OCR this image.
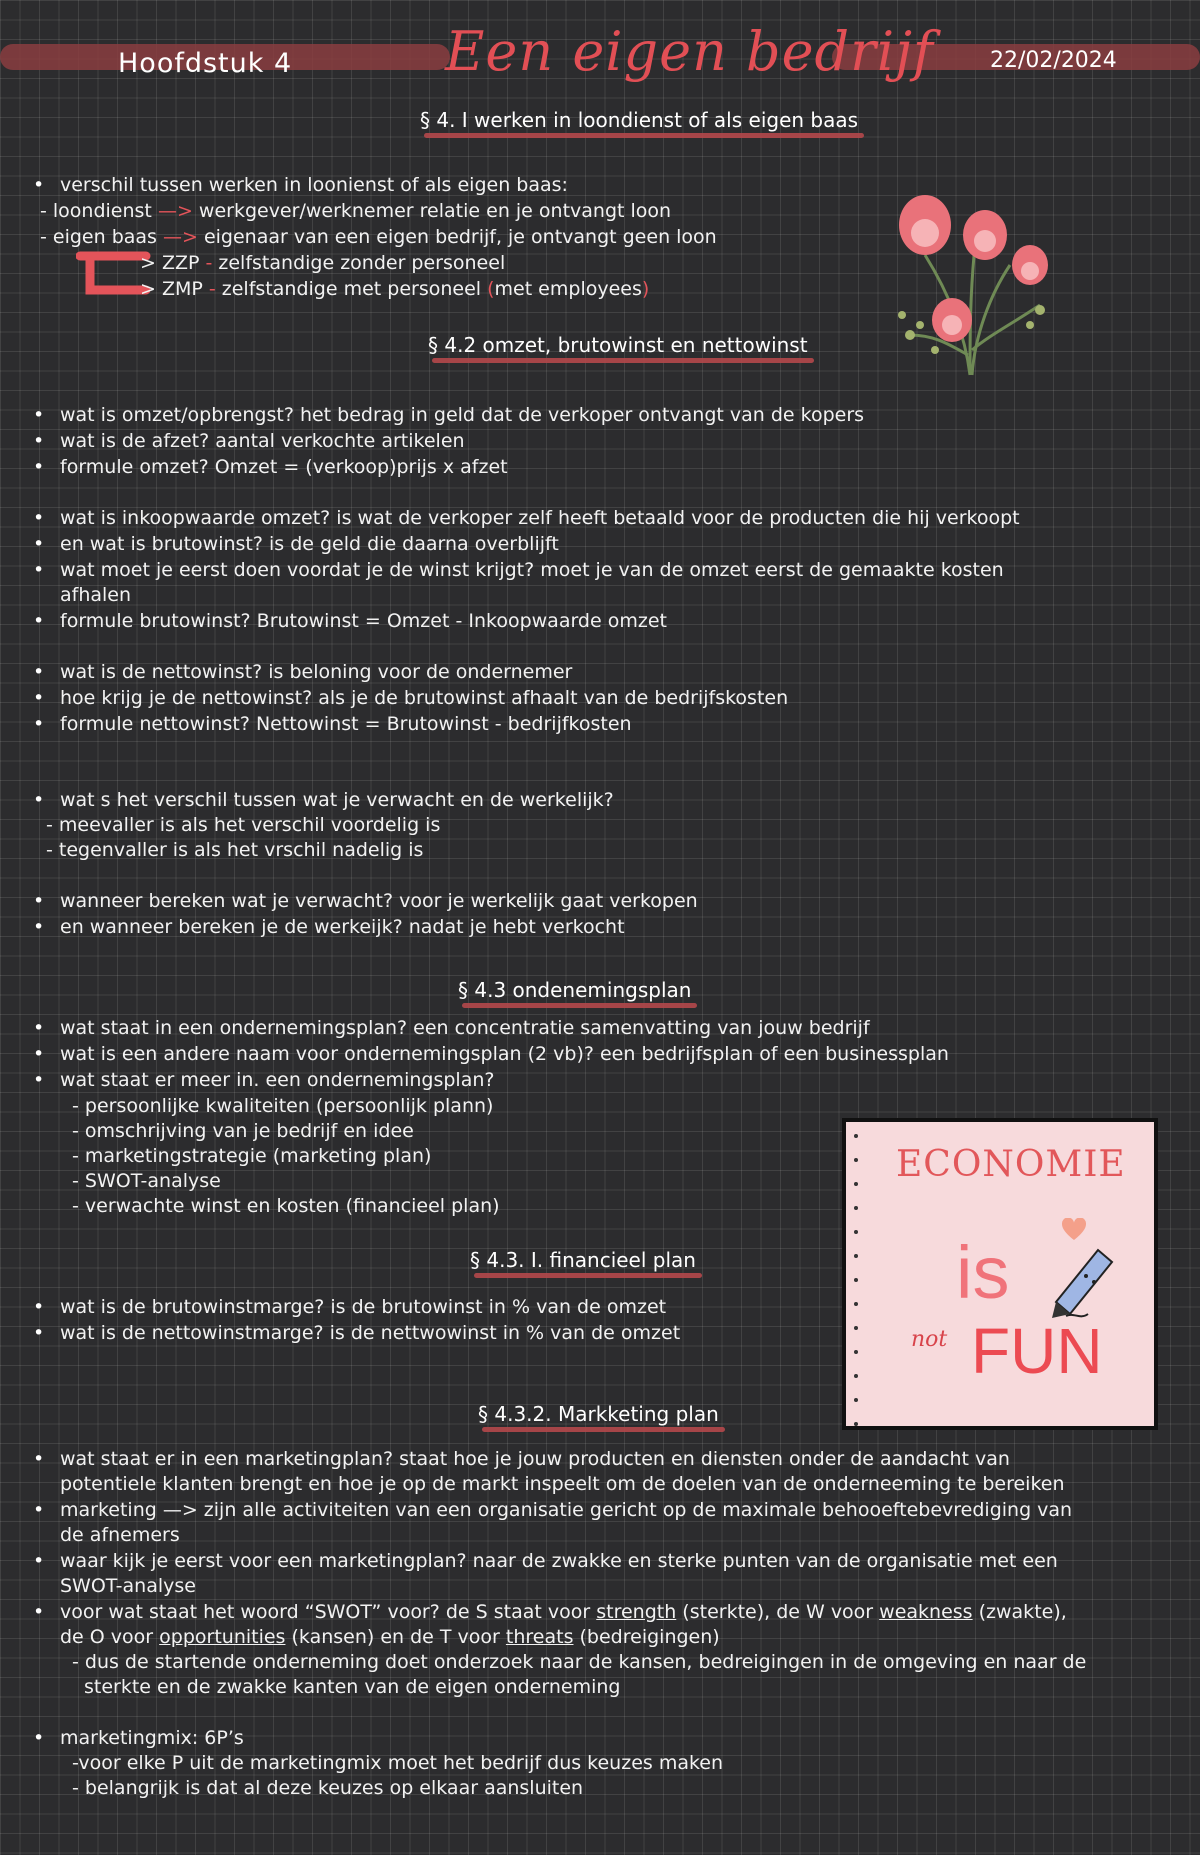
Hoofdstuk 4	Een eigen bedrijf	22/02/2024
§ 4. I werken in loondienst of als eigen baas
• verschil tussen werken in loonienst of als eigen baas:
- loondienst —> werkgever/werknemer relatie en je ontvangt loon
- eigen baas —> eigenaar van een eigen bedrijf, je ontvangt geen loon
> ZZP - zelfstandige zonder personeel
> ZMP - zelfstandige met personeel (met employees)
§ 4.2 omzet, brutowinst en nettowinst
• wat is omzet/opbrengst? het bedrag in geld dat de verkoper ontvangt van de kopers
• wat is de afzet? aantal verkochte artikelen
• formule omzet? Omzet = (verkoop)prijs x afzet
• wat is inkoopwaarde omzet? is wat de verkoper zelf heeft betaald voor de producten die hij verkoopt
• en wat is brutowinst? is de geld die daarna overblijft
• wat moet je eerst doen voordat je de winst krijgt? moet je van de omzet eerst de gemaakte kosten
afhalen
• formule brutowinst? Brutowinst = Omzet - Inkoopwaarde omzet
• wat is de nettowinst? is beloning voor de ondernemer
• hoe krijg je de nettowinst? als je de brutowinst afhaalt van de bedrijfskosten
• formule nettowinst? Nettowinst = Brutowinst - bedrijfkosten
• wat s het verschil tussen wat je verwacht en de werkelijk?
- meevaller is als het verschil voordelig is
- tegenvaller is als het vrschil nadelig is
• wanneer bereken wat je verwacht? voor je werkelijk gaat verkopen
• en wanneer bereken je de werkeijk? nadat je hebt verkocht
§ 4.3 ondenemingsplan
• wat staat in een ondernemingsplan? een concentratie samenvatting van jouw bedrijf
• wat is een andere naam voor ondernemingsplan (2 vb)? een bedrijfsplan of een businessplan
• wat staat er meer in. een ondernemingsplan?
- persoonlijke kwaliteiten (persoonlijk plann)
- omschrijving van je bedrijf en idee
- marketingstrategie (marketing plan)
- SWOT-analyse
- verwachte winst en kosten (financieel plan)
§ 4.3. I. financieel plan
• wat is de brutowinstmarge? is de brutowinst in % van de omzet
• wat is de nettowinstmarge? is de nettwowinst in % van de omzet
ECONOMIE
is
not FUN
§ 4.3.2. Markketing plan
• wat staat er in een marketingplan? staat hoe je jouw producten en diensten onder de aandacht van
potentiele klanten brengt en hoe je op de markt inspeelt om de doelen van de onderneeming te bereiken
• marketing —> zijn alle activiteiten van een organisatie gericht op de maximale behooeftebevrediging van
de afnemers
• waar kijk je eerst voor een marketingplan? naar de zwakke en sterke punten van de organisatie met een
SWOT-analyse
• voor wat staat het woord “SWOT” voor? de S staat voor strength (sterkte), de W voor weakness (zwakte),
de O voor opportunities (kansen) en de T voor threats (bedreigingen)
- dus de startende onderneming doet onderzoek naar de kansen, bedreigingen in de omgeving en naar de
sterkte en de zwakke kanten van de eigen onderneming
• marketingmix: 6P’s
-voor elke P uit de marketingmix moet het bedrijf dus keuzes maken
- belangrijk is dat al deze keuzes op elkaar aansluiten
